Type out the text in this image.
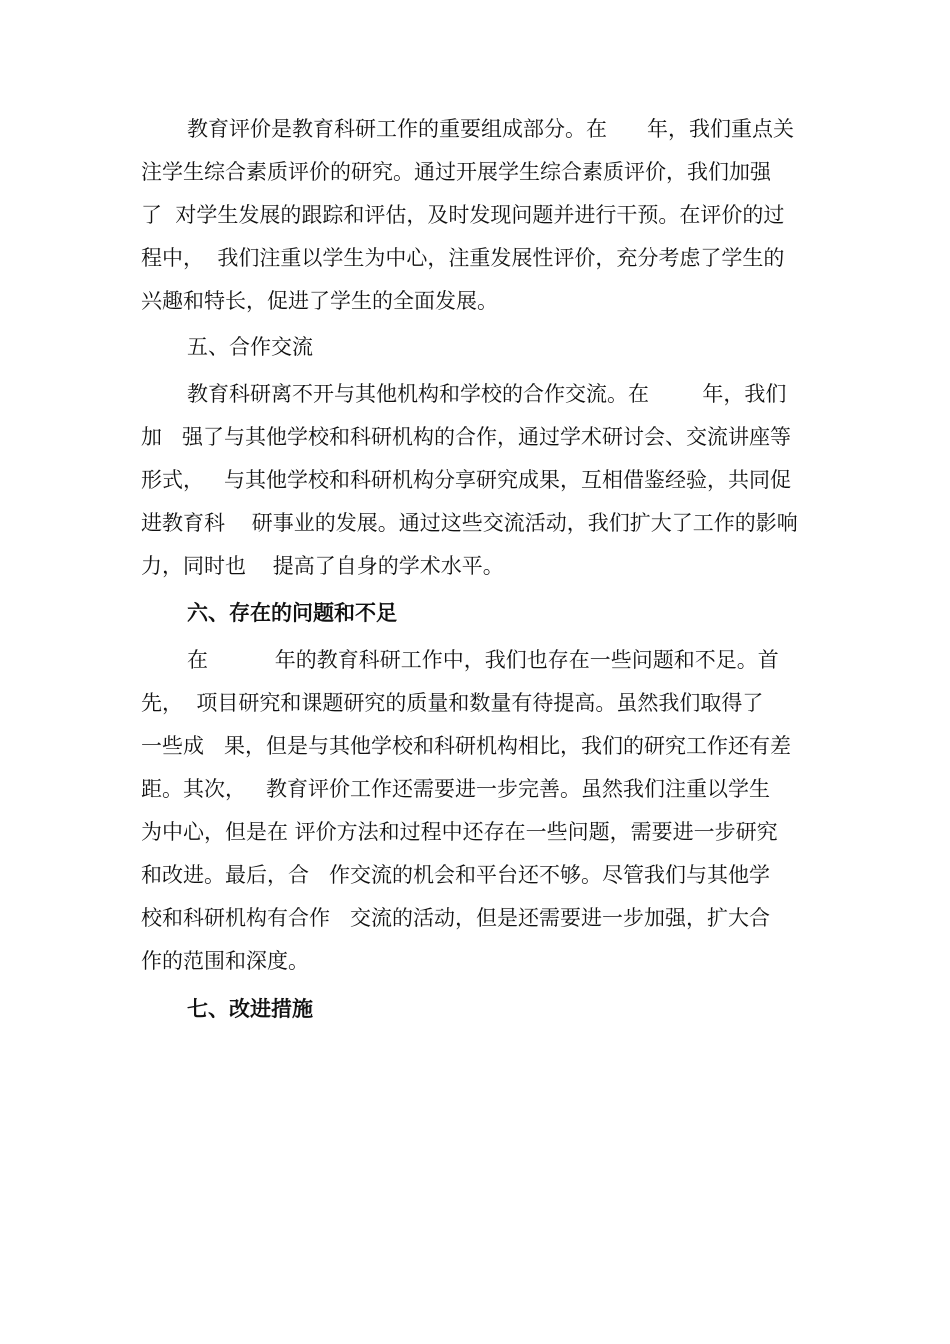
教育评价是教育科研工作的重要组成部分。在      年，我们重点关

注学生综合素质评价的研究。通过开展学生综合素质评价，我们加强

了  对学生发展的跟踪和评估，及时发现问题并进行干预。在评价的过

程中，  我们注重以学生为中心，注重发展性评价，充分考虑了学生的

兴趣和特长，促进了学生的全面发展。

五、合作交流

教育科研离不开与其他机构和学校的合作交流。在        年，我们

加   强了与其他学校和科研机构的合作，通过学术研讨会、交流讲座等

形式，   与其他学校和科研机构分享研究成果，互相借鉴经验，共同促

进教育科    研事业的发展。通过这些交流活动，我们扩大了工作的影响

力，同时也    提高了自身的学术水平。

六、存在的问题和不足

在          年的教育科研工作中，我们也存在一些问题和不足。首

先，  项目研究和课题研究的质量和数量有待提高。虽然我们取得了

一些成   果，但是与其他学校和科研机构相比，我们的研究工作还有差

距。其次，   教育评价工作还需要进一步完善。虽然我们注重以学生

为中心，但是在 评价方法和过程中还存在一些问题，需要进一步研究

和改进。最后，合   作交流的机会和平台还不够。尽管我们与其他学

校和科研机构有合作   交流的活动，但是还需要进一步加强，扩大合

作的范围和深度。

七、改进措施
